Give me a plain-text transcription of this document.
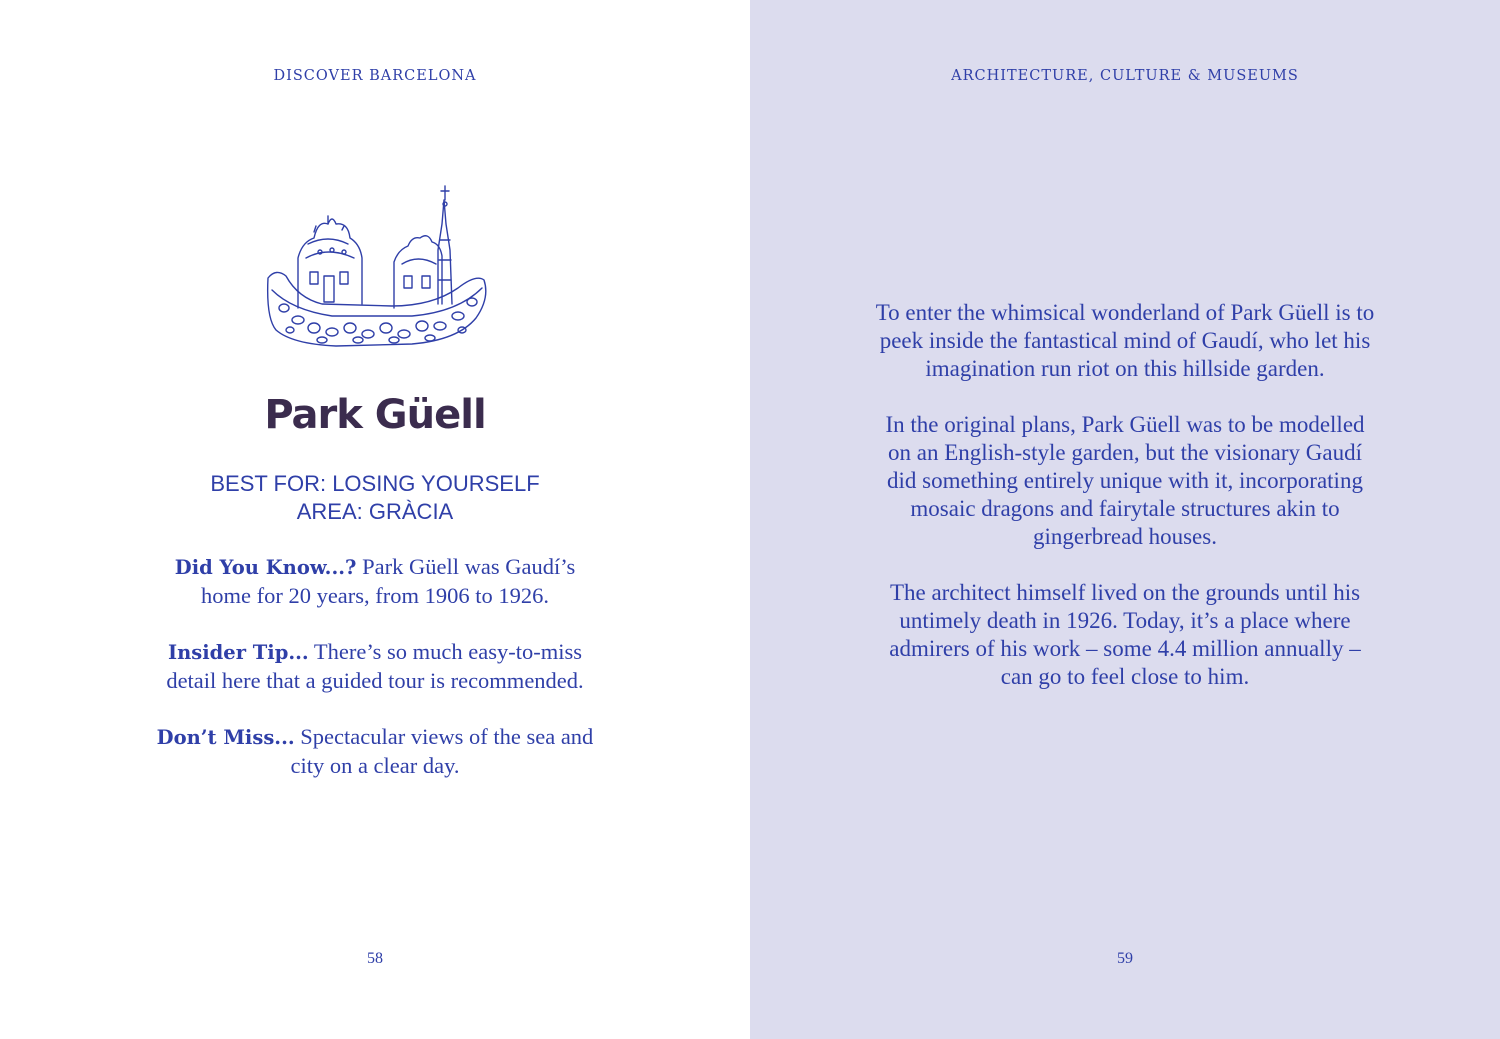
DISCOVER BARCELONA
Park Güell
BEST FOR: LOSING YOURSELF
AREA: GRÀCIA

Did You Know...? Park Güell was Gaudí’s home for 20 years, from 1906 to 1926.

Insider Tip... There’s so much easy-to-miss detail here that a guided tour is recommended.

Don’t Miss... Spectacular views of the sea and city on a clear day.

58
ARCHITECTURE, CULTURE & MUSEUMS

To enter the whimsical wonderland of Park Güell is to peek inside the fantastical mind of Gaudí, who let his imagination run riot on this hillside garden.

In the original plans, Park Güell was to be modelled on an English-style garden, but the visionary Gaudí did something entirely unique with it, incorporating mosaic dragons and fairytale structures akin to gingerbread houses.

The architect himself lived on the grounds until his untimely death in 1926. Today, it’s a place where admirers of his work – some 4.4 million annually – can go to feel close to him.

59
